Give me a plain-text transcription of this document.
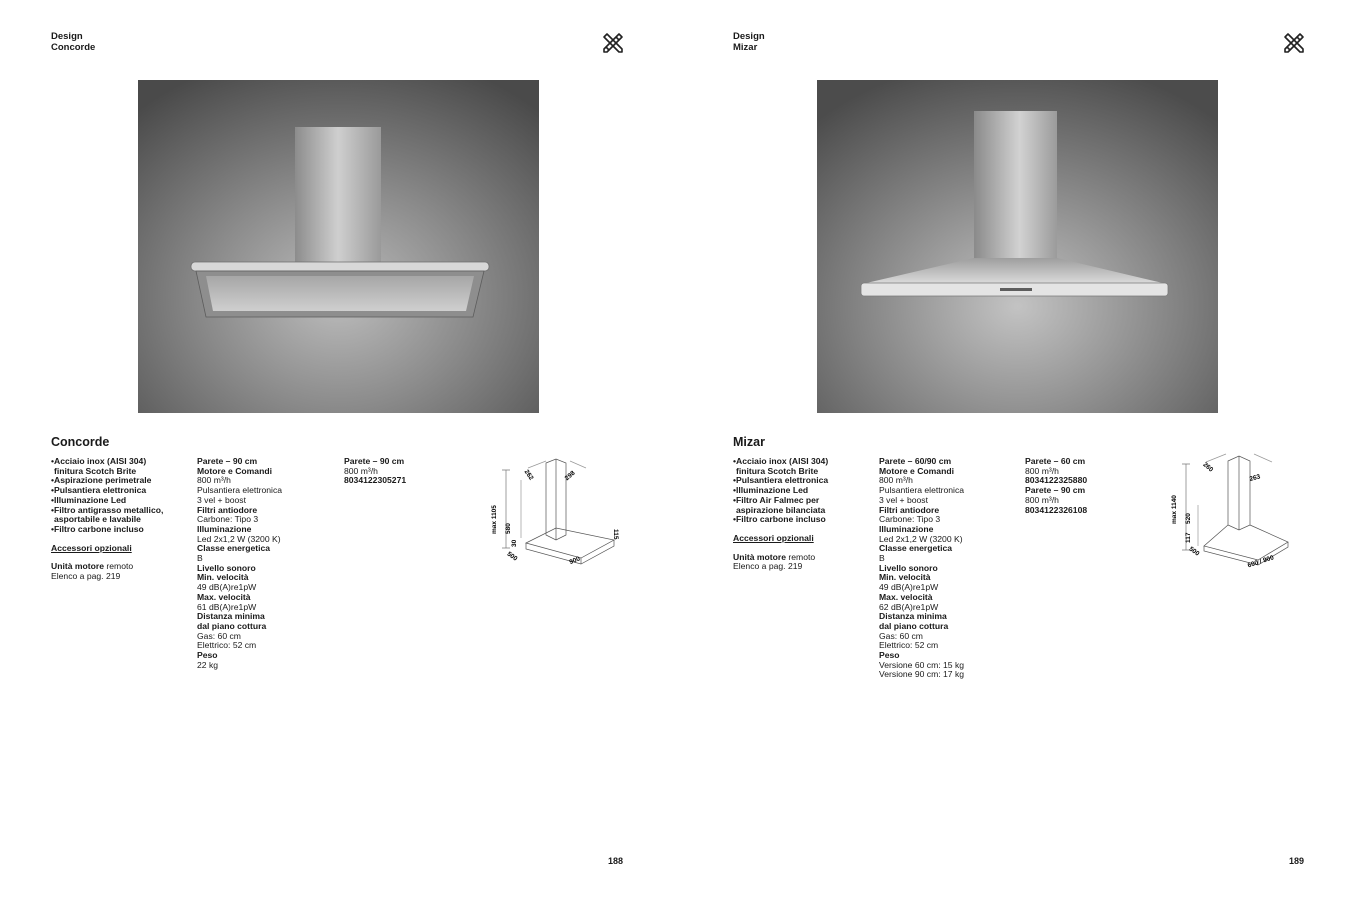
Design
Concorde
Concorde
•Acciaio inox (AISI 304)
finitura Scotch Brite
•Aspirazione perimetrale
•Pulsantiera elettronica
•Illuminazione Led
•Filtro antigrasso metallico,
asportabile e lavabile
•Filtro carbone incluso
Accessori opzionali
Unità motore remoto
Elenco a pag. 219
Parete – 90 cm
Motore e Comandi
800 m³/h
Pulsantiera elettronica
3 vel + boost
Filtri antiodore
Carbone: Tipo 3
Illuminazione
Led 2x1,2 W (3200 K)
Classe energetica
B
Livello sonoro
Min. velocità
49 dB(A)re1pW
Max. velocità
61 dB(A)re1pW
Distanza minima
dal piano cottura
Gas: 60 cm
Elettrico: 52 cm
Peso
22 kg
Parete – 90 cm
800 m³/h
8034122305271	262	298
max 1105 580
30
115
900
500
188
Design
Mizar
Mizar
•Acciaio inox (AISI 304)
finitura Scotch Brite
•Pulsantiera elettronica
•Illuminazione Led
•Filtro Air Falmec per
aspirazione bilanciata
•Filtro carbone incluso
Accessori opzionali
Unità motore remoto
Elenco a pag. 219
Parete – 60/90 cm
Motore e Comandi
800 m³/h
Pulsantiera elettronica
3 vel + boost
Filtri antiodore
Carbone: Tipo 3
Illuminazione
Led 2x1,2 W (3200 K)
Classe energetica
B
Livello sonoro
Min. velocità
49 dB(A)re1pW
Max. velocità
62 dB(A)re1pW
Distanza minima
dal piano cottura
Gas: 60 cm
Elettrico: 52 cm
Peso
Versione 60 cm: 15 kg
Versione 90 cm: 17 kg
Parete – 60 cm
800 m³/h
8034122325880
Parete – 90 cm
800 m³/h
8034122326108
260
263
max 1140 520
117
600 / 900
500
189
